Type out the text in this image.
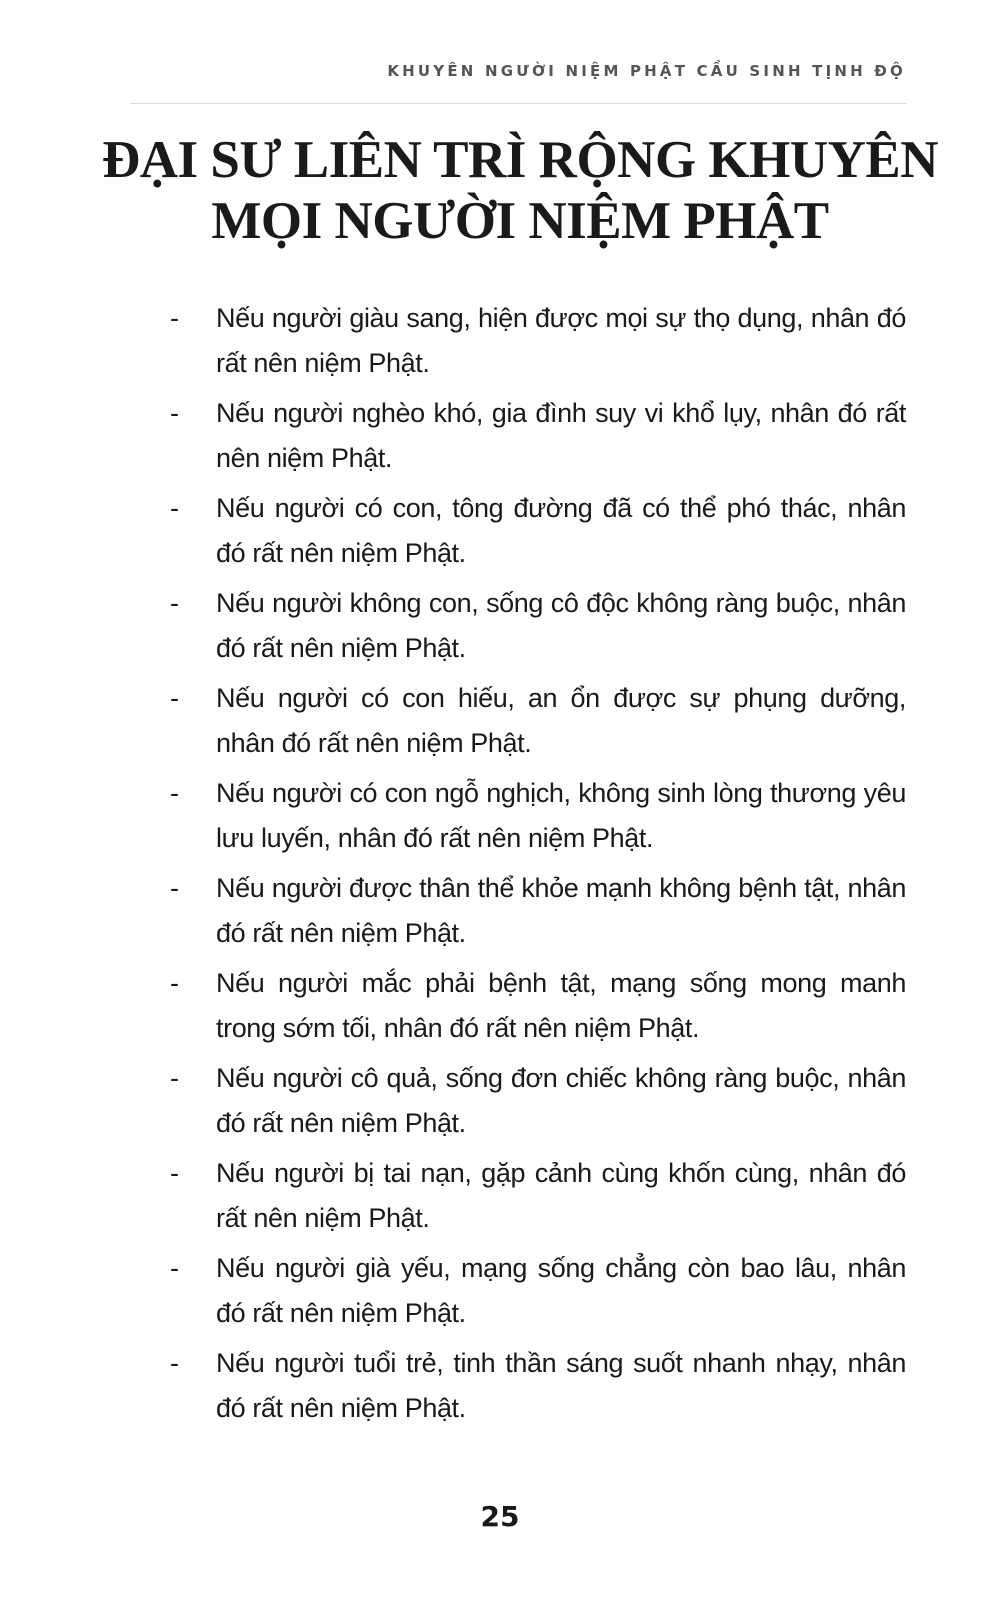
KHUYÊN NGƯỜI NIỆM PHẬT CẦU SINH TỊNH ĐỘ
ĐẠI SƯ LIÊN TRÌ RỘNG KHUYÊN
MỌI NGƯỜI NIỆM PHẬT
- Nếu người giàu sang, hiện được mọi sự thọ dụng, nhân đó rất nên niệm Phật.
- Nếu người nghèo khó, gia đình suy vi khổ lụy, nhân đó rất nên niệm Phật.
- Nếu người có con, tông đường đã có thể phó thác, nhân đó rất nên niệm Phật.
- Nếu người không con, sống cô độc không ràng buộc, nhân đó rất nên niệm Phật.
- Nếu người có con hiếu, an ổn được sự phụng dưỡng, nhân đó rất nên niệm Phật.
- Nếu người có con ngỗ nghịch, không sinh lòng thương yêu lưu luyến, nhân đó rất nên niệm Phật.
- Nếu người được thân thể khỏe mạnh không bệnh tật, nhân đó rất nên niệm Phật.
- Nếu người mắc phải bệnh tật, mạng sống mong manh trong sớm tối, nhân đó rất nên niệm Phật.
- Nếu người cô quả, sống đơn chiếc không ràng buộc, nhân đó rất nên niệm Phật.
- Nếu người bị tai nạn, gặp cảnh cùng khốn cùng, nhân đó rất nên niệm Phật.
- Nếu người già yếu, mạng sống chẳng còn bao lâu, nhân đó rất nên niệm Phật.
- Nếu người tuổi trẻ, tinh thần sáng suốt nhanh nhạy, nhân đó rất nên niệm Phật.
25
